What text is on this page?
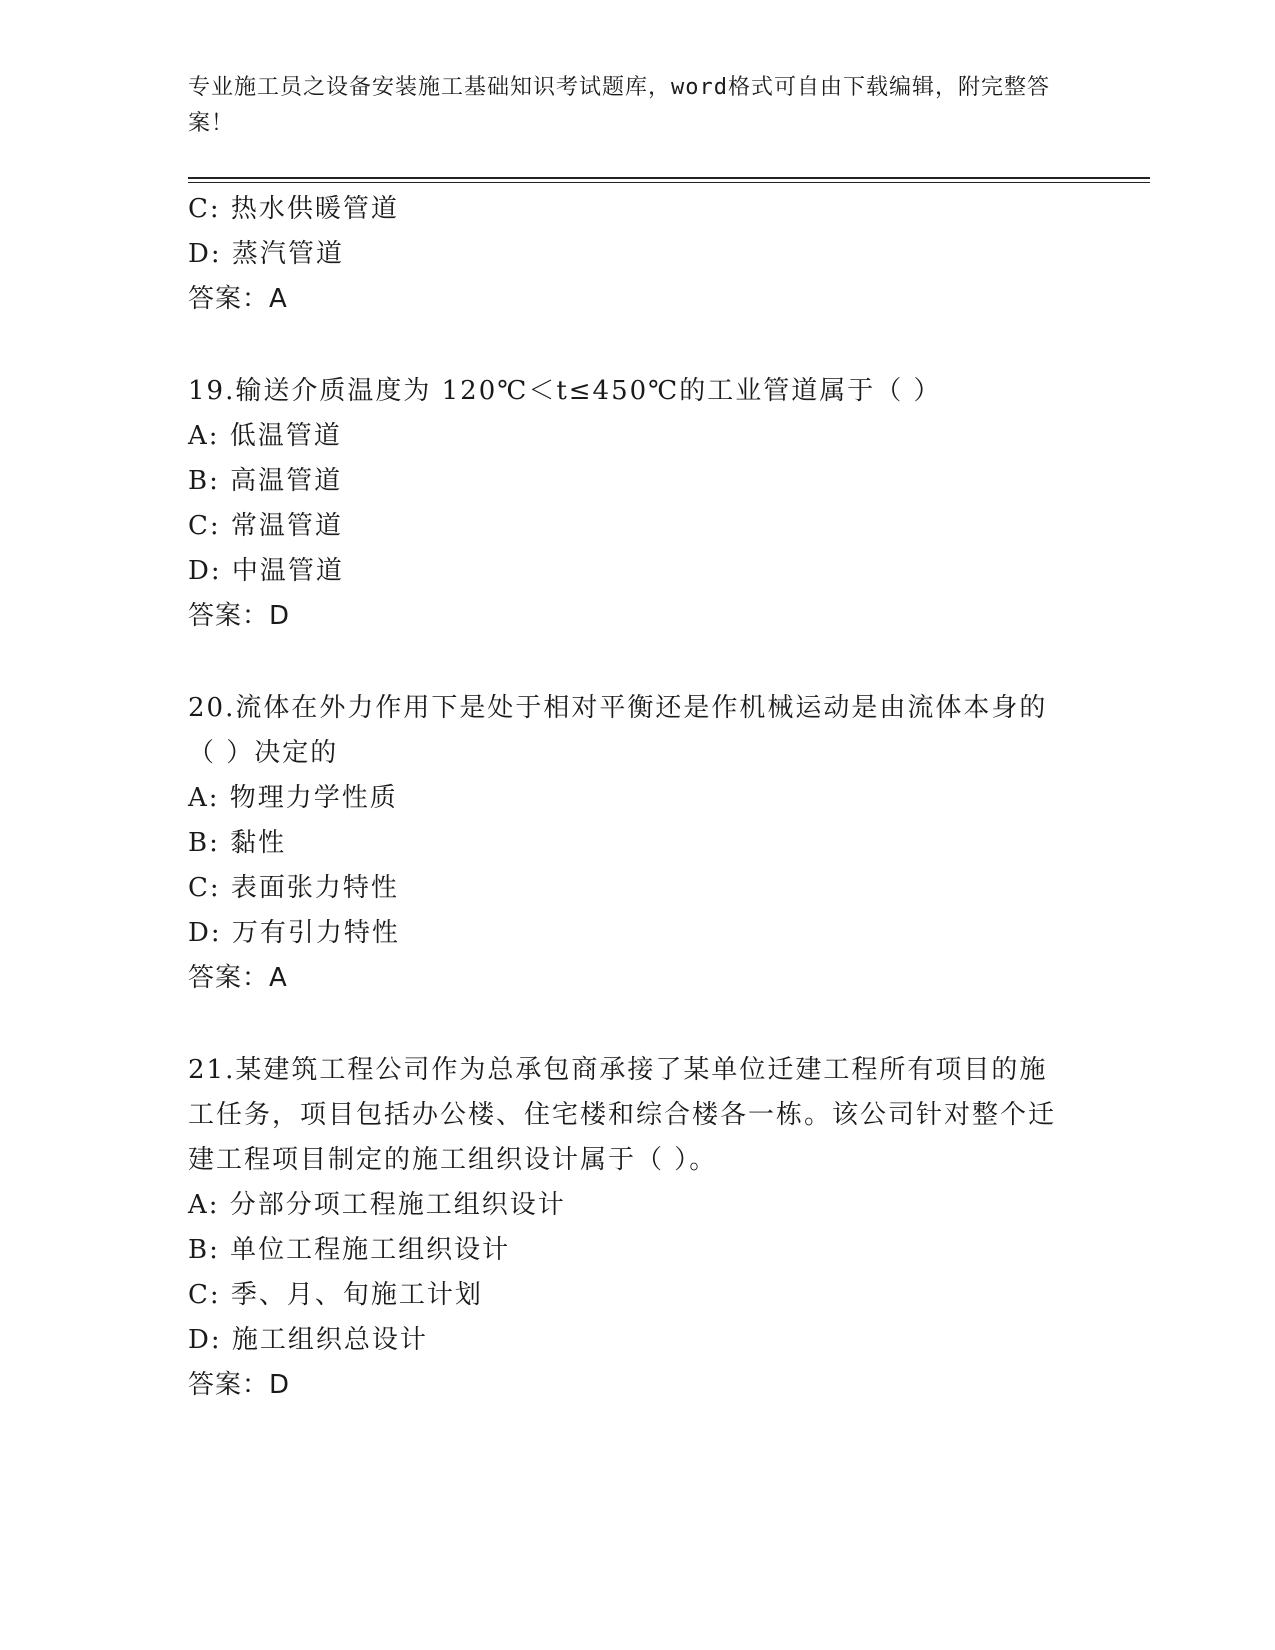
专业施工员之设备安装施工基础知识考试题库，word格式可自由下载编辑，附完整答案！
C: 热水供暖管道
D: 蒸汽管道
答案：A
19.输送介质温度为 120℃＜t≤450℃的工业管道属于（ ）
A: 低温管道
B: 高温管道
C: 常温管道
D: 中温管道
答案：D
20.流体在外力作用下是处于相对平衡还是作机械运动是由流体本身的（ ）决定的
A: 物理力学性质
B: 黏性
C: 表面张力特性
D: 万有引力特性
答案：A
21.某建筑工程公司作为总承包商承接了某单位迁建工程所有项目的施工任务，项目包括办公楼、住宅楼和综合楼各一栋。该公司针对整个迁建工程项目制定的施工组织设计属于（ ）。
A: 分部分项工程施工组织设计
B: 单位工程施工组织设计
C: 季、月、旬施工计划
D: 施工组织总设计
答案：D
